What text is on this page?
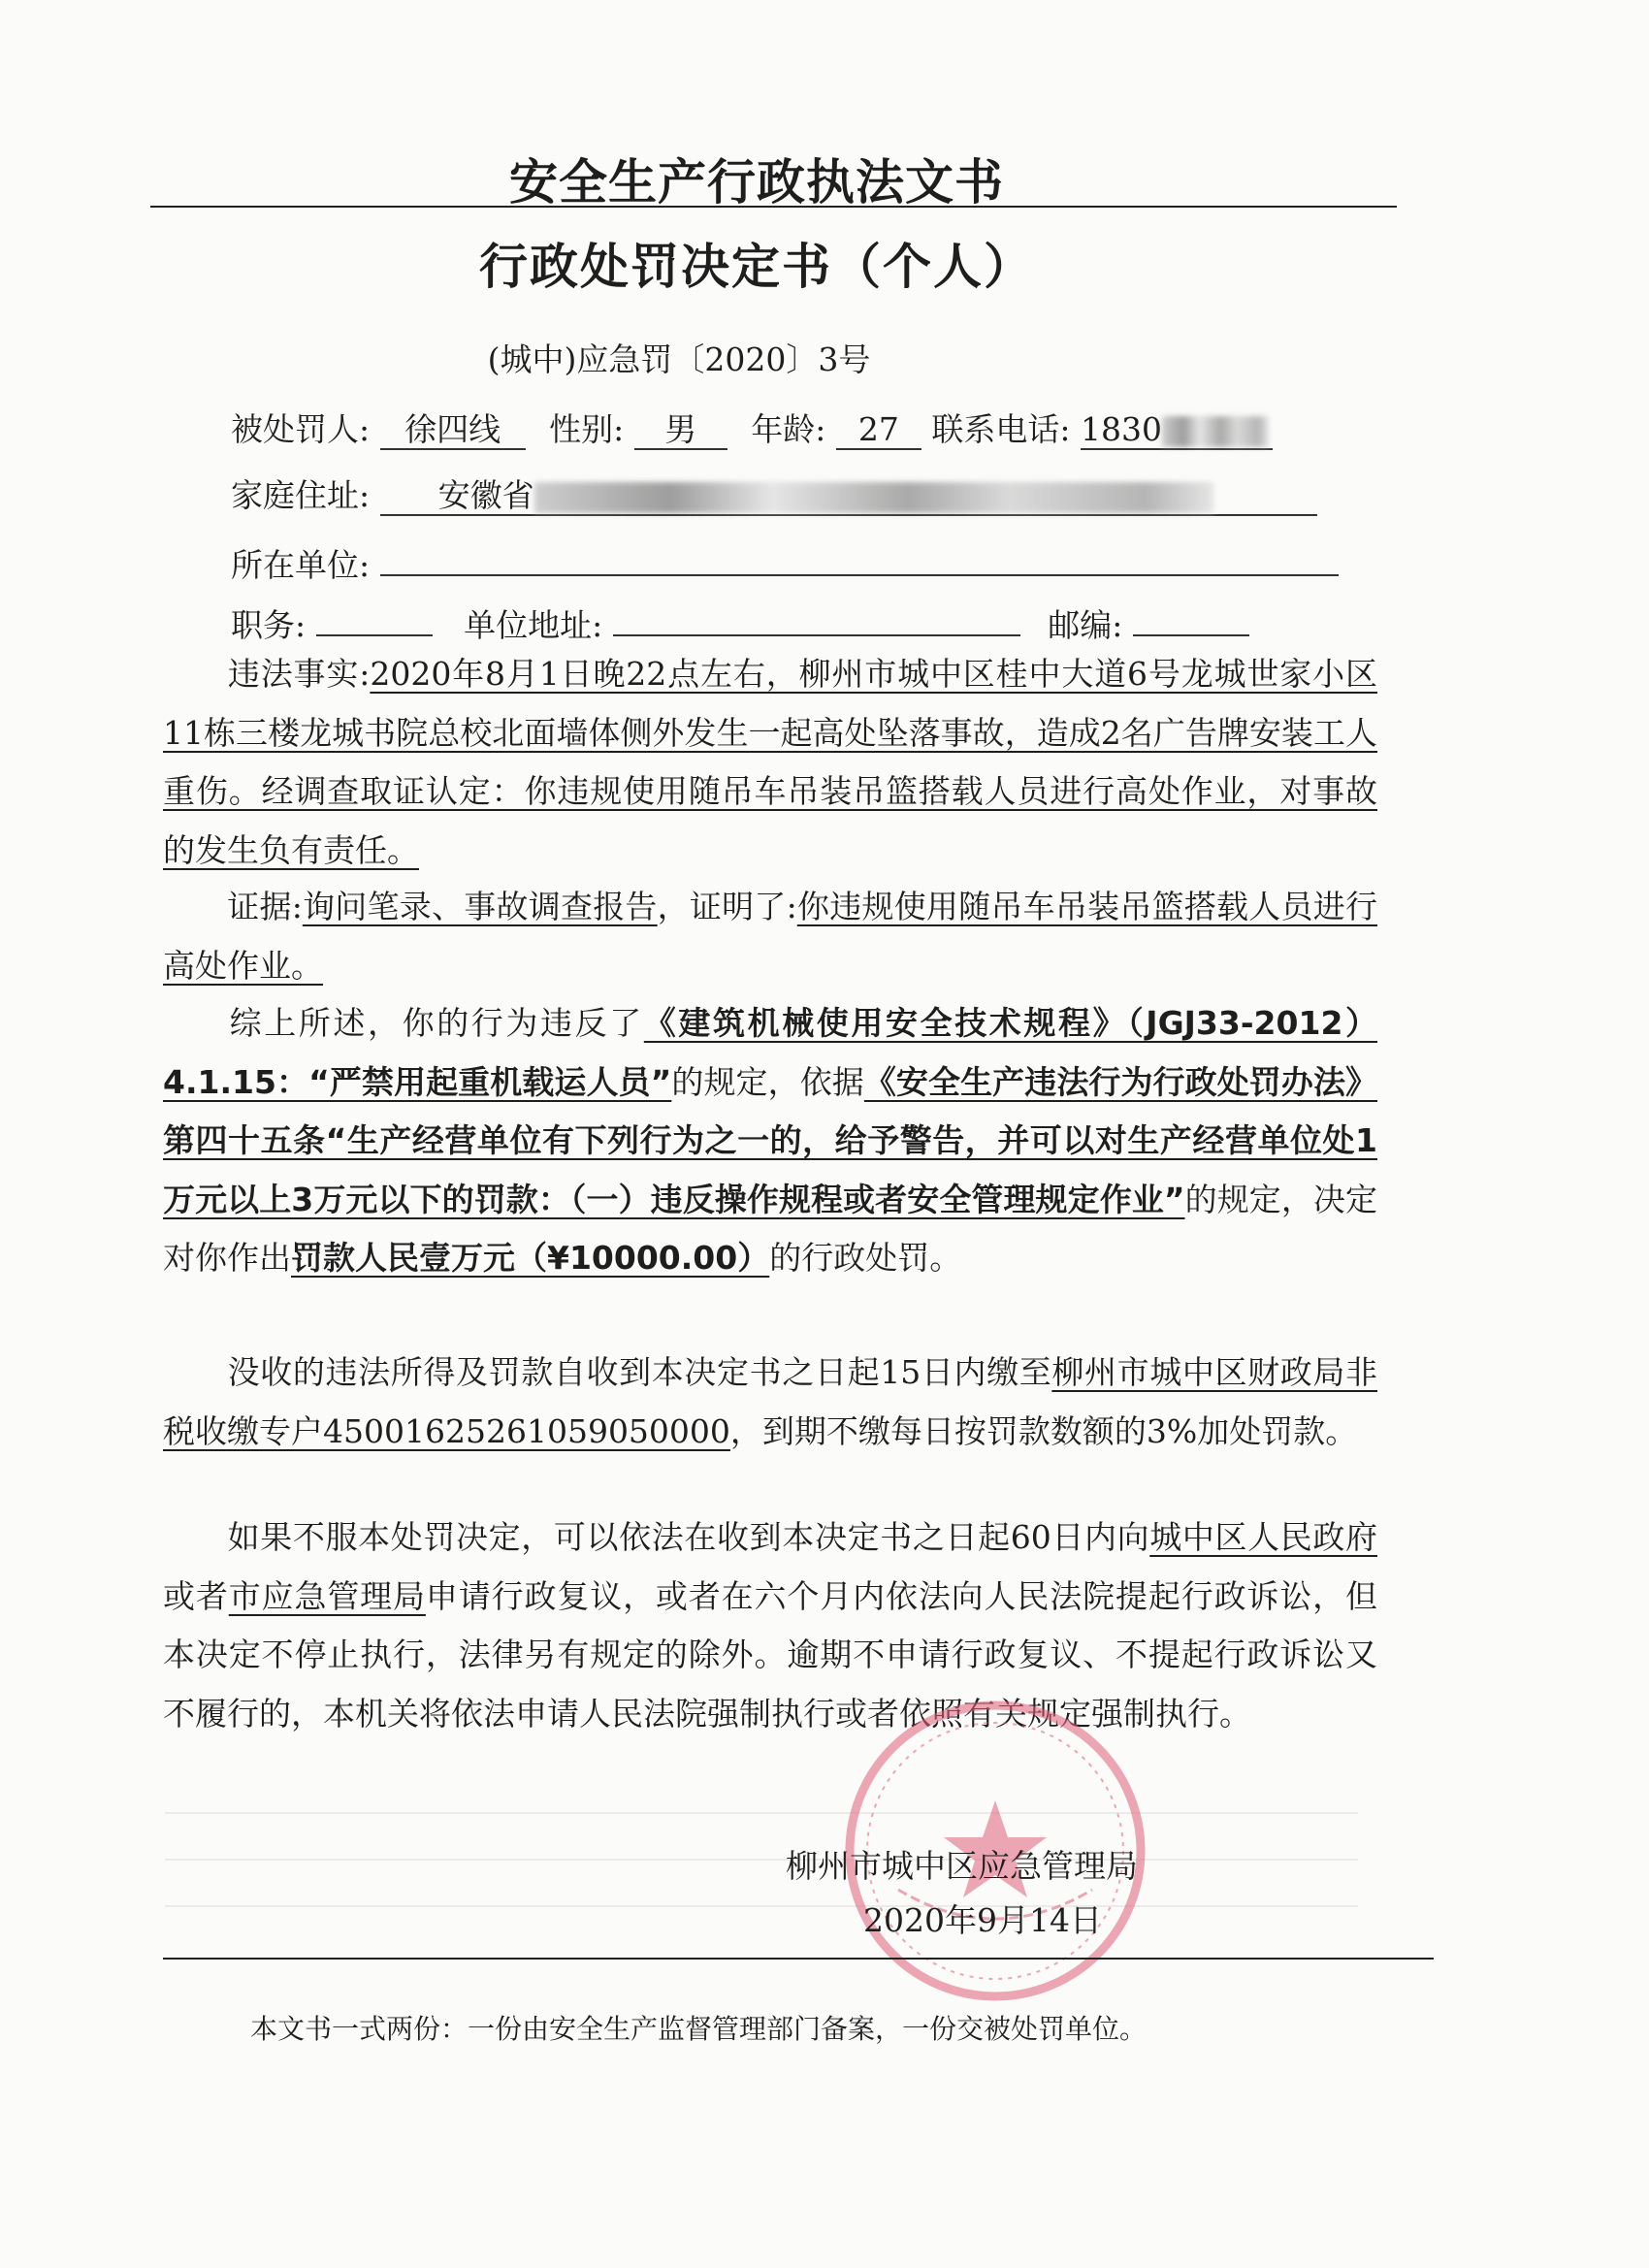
安全生产行政执法文书
行政处罚决定书（个人）
(城中)应急罚〔2020〕3号
被处罚人: 徐四线 性别: 男 年龄: 27 联系电话: 1830
家庭住址: 安徽省
所在单位:
职务:	单位地址:	邮编:
违法事实:2020年8月1日晚22点左右，柳州市城中区桂中大道6号龙城世家小区11栋三楼龙城书院总校北面墙体侧外发生一起高处坠落事故，造成2名广告牌安装工人重伤。经调查取证认定：你违规使用随吊车吊装吊篮搭载人员进行高处作业，对事故的发生负有责任。
证据:询问笔录、事故调查报告，证明了:你违规使用随吊车吊装吊篮搭载人员进行高处作业。
综上所述，你的行为违反了《建筑机械使用安全技术规程》（JGJ33-2012）4.1.15：“严禁用起重机载运人员”的规定，依据《安全生产违法行为行政处罚办法》第四十五条“生产经营单位有下列行为之一的，给予警告，并可以对生产经营单位处1万元以上3万元以下的罚款：（一）违反操作规程或者安全管理规定作业”的规定，决定对你作出罚款人民壹万元（¥10000.00）的行政处罚。
没收的违法所得及罚款自收到本决定书之日起15日内缴至柳州市城中区财政局非税收缴专户450016252610590500​00，到期不缴每日按罚款数额的3%加处罚款。
如果不服本处罚决定，可以依法在收到本决定书之日起60日内向城中区人民政府或者市应急管理局申请行政复议，或者在六个月内依法向人民法院提起行政诉讼，但本决定不停止执行，法律另有规定的除外。逾期不申请行政复议、不提起行政诉讼又不履行的，本机关将依法申请人民法院强制执行或者依照有关规定强制执行。
柳州市城中区应急管理局
2020年9月14日
本文书一式两份：一份由安全生产监督管理部门备案，一份交被处罚单位。
